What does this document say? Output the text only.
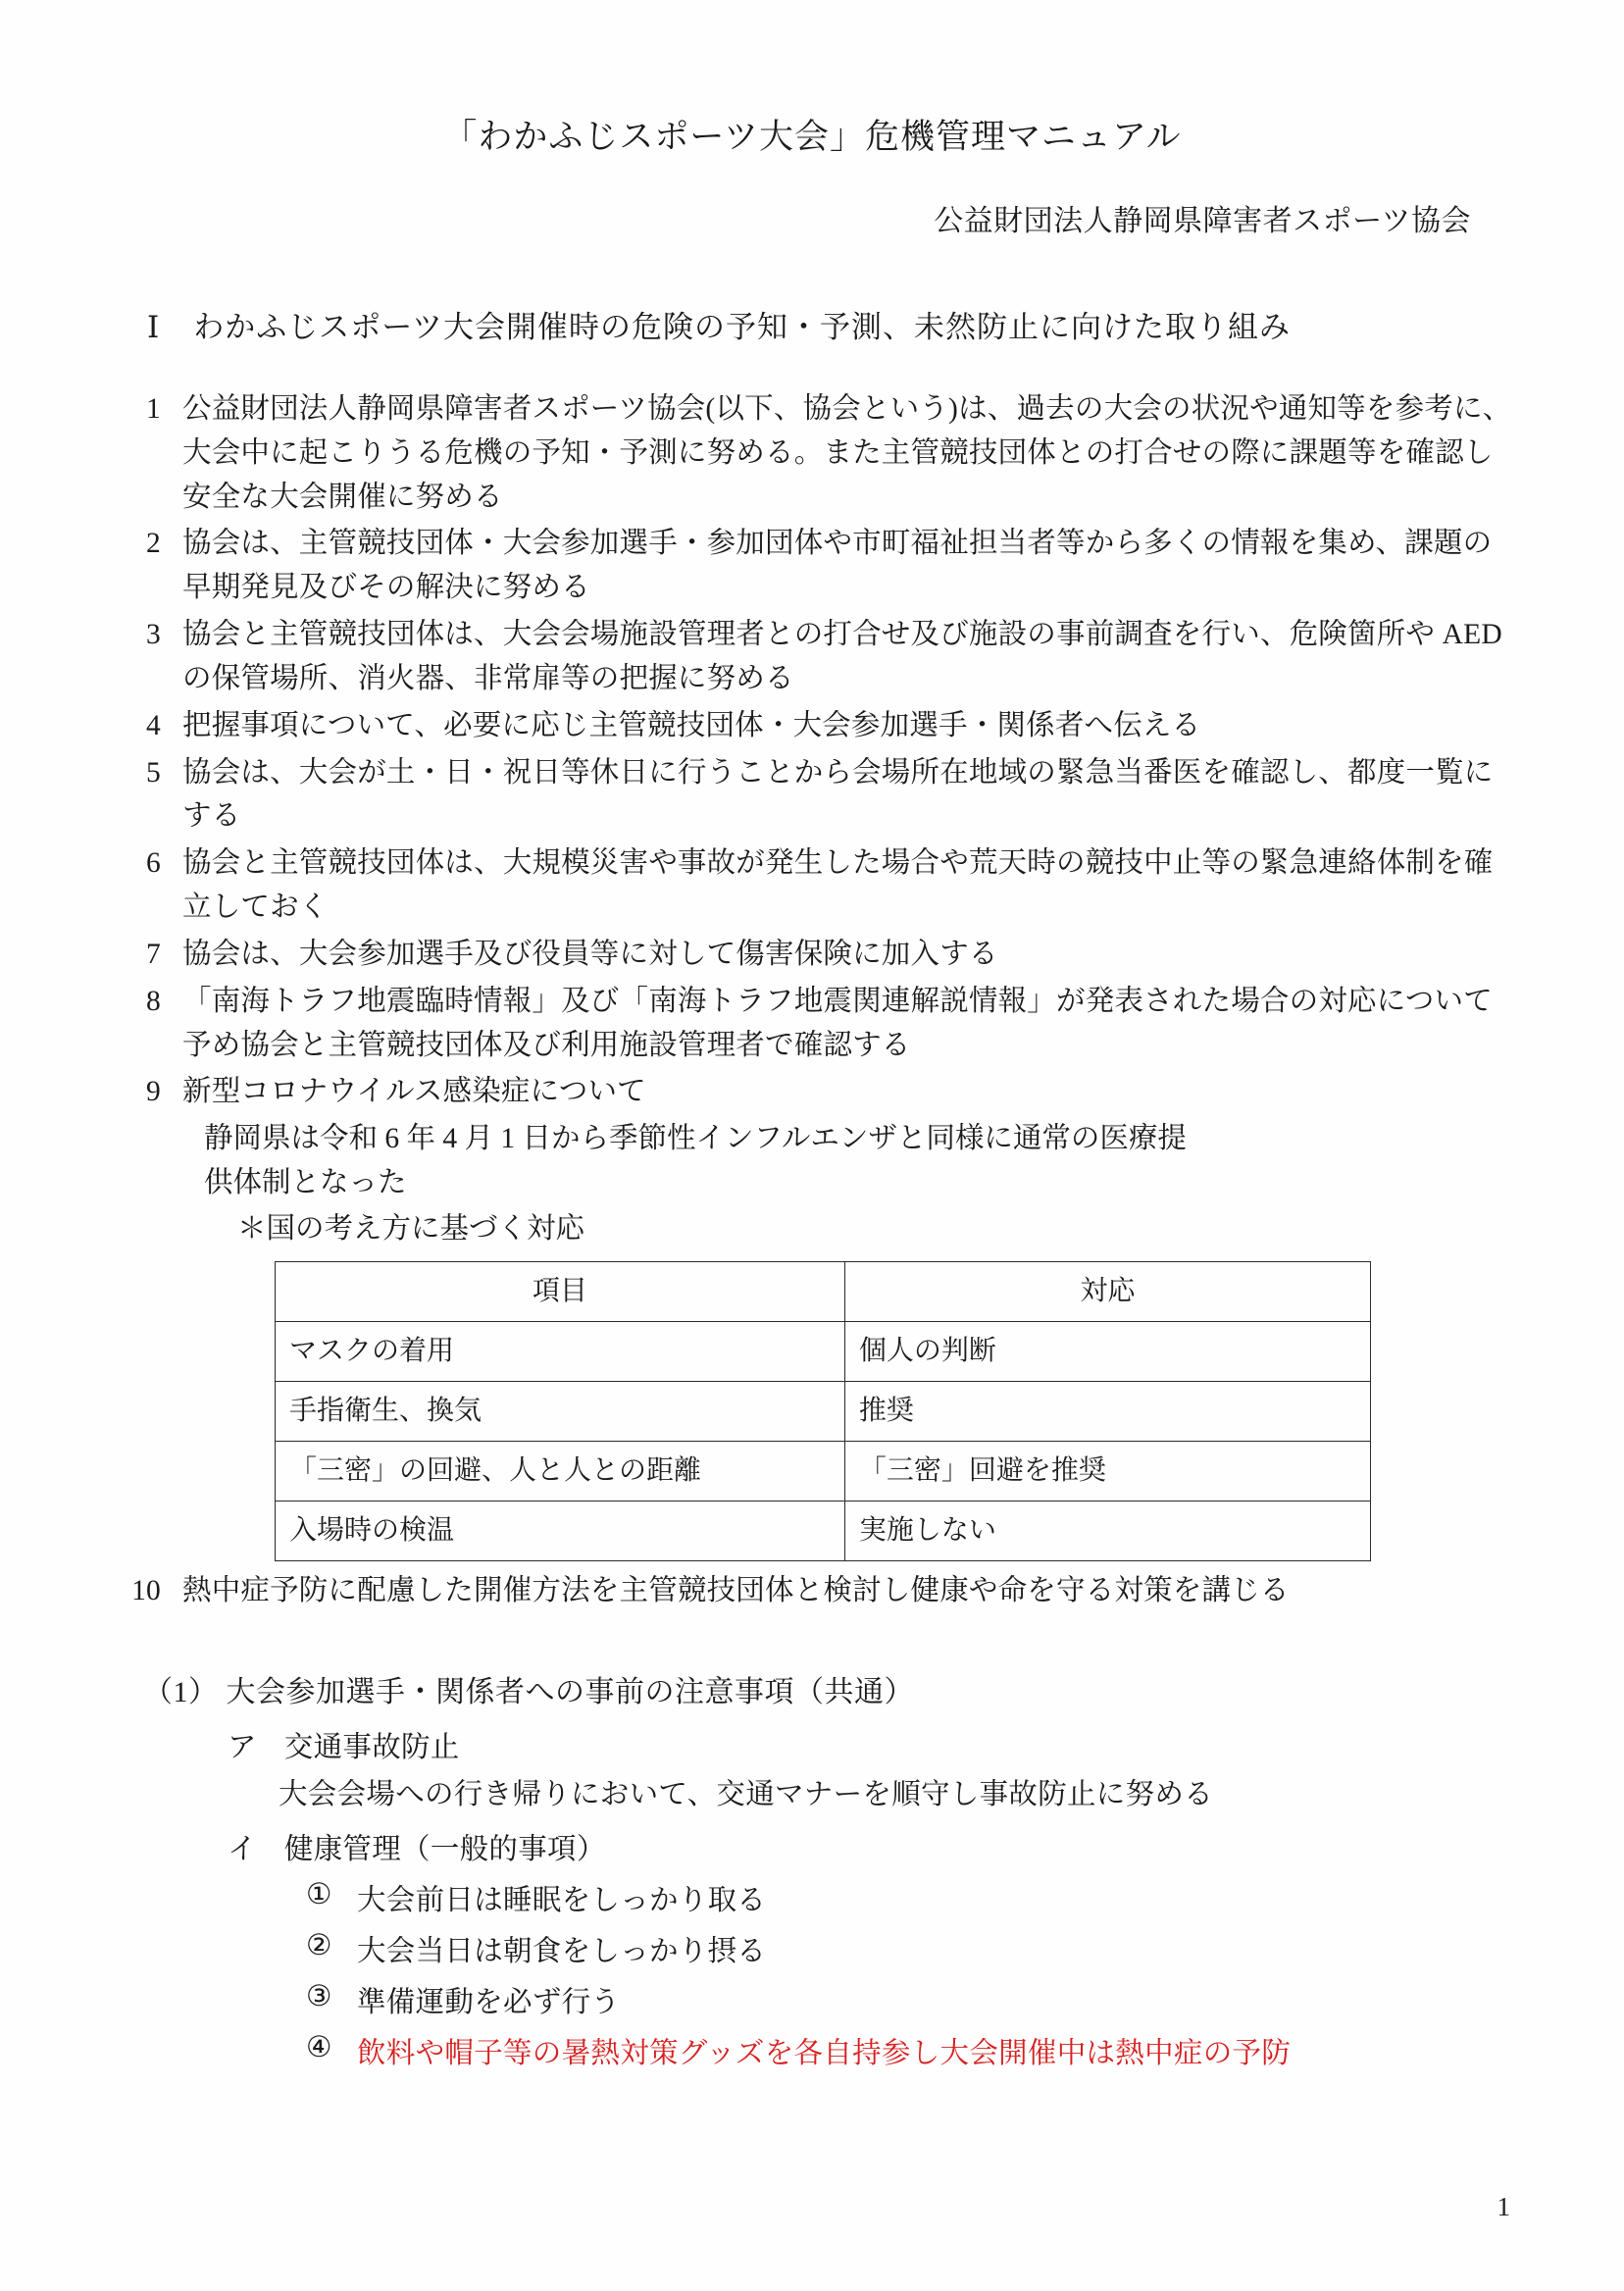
「わかふじスポーツ大会」危機管理マニュアル
公益財団法人静岡県障害者スポーツ協会
Ⅰ わかふじスポーツ大会開催時の危険の予知・予測、未然防止に向けた取り組み
1 公益財団法人静岡県障害者スポーツ協会(以下、協会という)は、過去の大会の状況や通知等を参考に、大会中に起こりうる危機の予知・予測に努める。また主管競技団体との打合せの際に課題等を確認し安全な大会開催に努める
2 協会は、主管競技団体・大会参加選手・参加団体や市町福祉担当者等から多くの情報を集め、課題の早期発見及びその解決に努める
3 協会と主管競技団体は、大会会場施設管理者との打合せ及び施設の事前調査を行い、危険箇所や AED の保管場所、消火器、非常扉等の把握に努める
4 把握事項について、必要に応じ主管競技団体・大会参加選手・関係者へ伝える
5 協会は、大会が土・日・祝日等休日に行うことから会場所在地域の緊急当番医を確認し、都度一覧にする
6 協会と主管競技団体は、大規模災害や事故が発生した場合や荒天時の競技中止等の緊急連絡体制を確立しておく
7 協会は、大会参加選手及び役員等に対して傷害保険に加入する
8 「南海トラフ地震臨時情報」及び「南海トラフ地震関連解説情報」が発表された場合の対応について予め協会と主管競技団体及び利用施設管理者で確認する
9 新型コロナウイルス感染症について
静岡県は令和 6 年 4 月 1 日から季節性インフルエンザと同様に通常の医療提
供体制となった
＊国の考え方に基づく対応
項目	対応
マスクの着用	個人の判断
手指衛生、換気	推奨
「三密」の回避、人と人との距離	「三密」回避を推奨
入場時の検温	実施しない
10 熱中症予防に配慮した開催方法を主管競技団体と検討し健康や命を守る対策を講じる
（1） 大会参加選手・関係者への事前の注意事項（共通）
ア 交通事故防止
大会会場への行き帰りにおいて、交通マナーを順守し事故防止に努める
イ 健康管理（一般的事項）
① 大会前日は睡眠をしっかり取る
② 大会当日は朝食をしっかり摂る
③ 準備運動を必ず行う
④ 飲料や帽子等の暑熱対策グッズを各自持参し大会開催中は熱中症の予防
1
